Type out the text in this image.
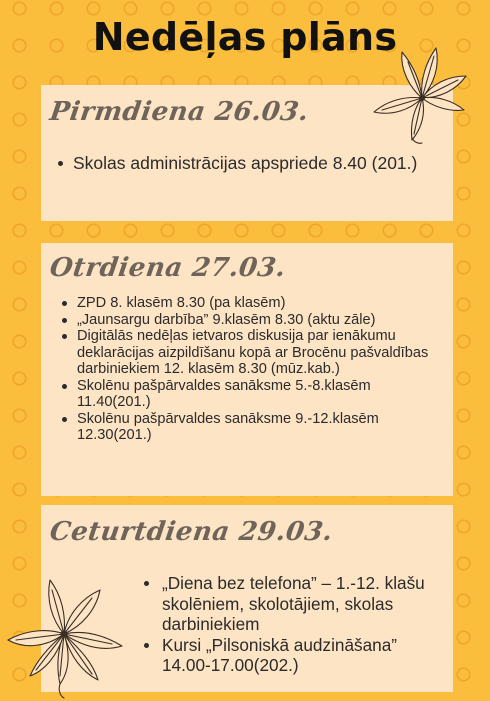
Nedēļas plāns
Pirmdiena 26.03.
Skolas administrācijas apspriede 8.40 (201.)
Otrdiena 27.03.
ZPD 8. klasēm 8.30 (pa klasēm)
„Jaunsargu darbība” 9.klasēm 8.30 (aktu zāle)
Digitālās nedēļas ietvaros diskusija par ienākumu deklarācijas aizpildīšanu kopā ar Brocēnu pašvaldības darbiniekiem 12. klasēm 8.30 (mūz.kab.)
Skolēnu pašpārvaldes sanāksme 5.-8.klasēm 11.40(201.)
Skolēnu pašpārvaldes sanāksme 9.-12.klasēm 12.30(201.)
Ceturtdiena 29.03.
„Diena bez telefona” – 1.-12. klašu skolēniem, skolotājiem, skolas darbiniekiem
Kursi „Pilsoniskā audzināšana” 14.00-17.00(202.)
